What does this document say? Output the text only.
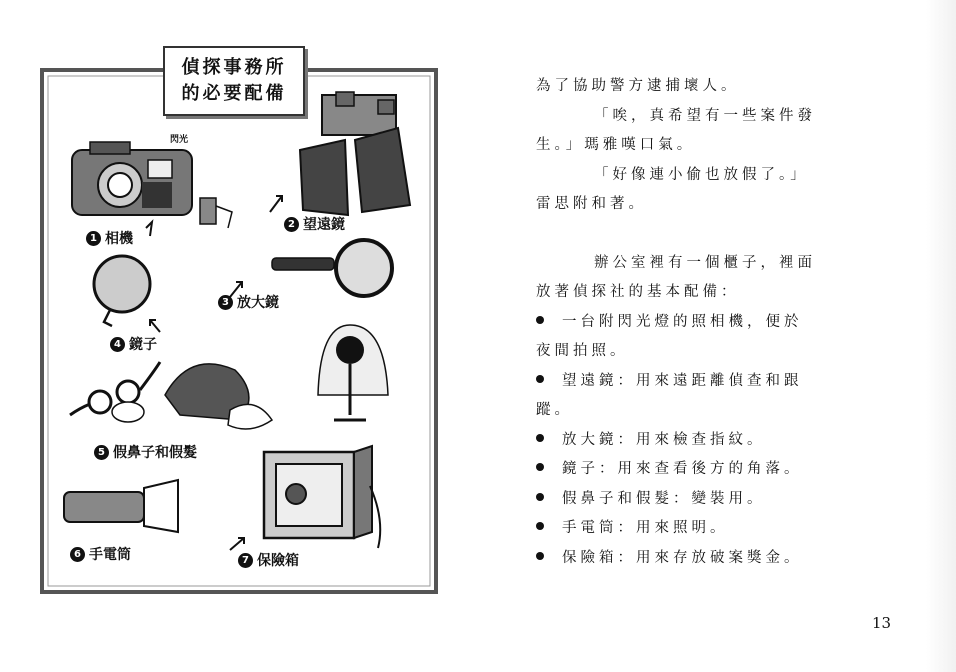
偵探事務所
的必要配備
閃光
1 相機
2 望遠鏡
3 放大鏡
4 鏡子
5 假鼻子和假髮
6 手電筒	7 保險箱

為了協助警方逮捕壞人。

「唉，真希望有一些案件發

生。」瑪雅嘆口氣。

「好像連小偷也放假了。」

雷思附和著。

辦公室裡有一個櫃子，裡面

放著偵探社的基本配備：

一台附閃光燈的照相機，便於

夜間拍照。

望遠鏡：用來遠距離偵查和跟

蹤。

放大鏡：用來檢查指紋。

鏡子：用來查看後方的角落。

假鼻子和假髮：變裝用。

手電筒：用來照明。

保險箱：用來存放破案獎金。

13
